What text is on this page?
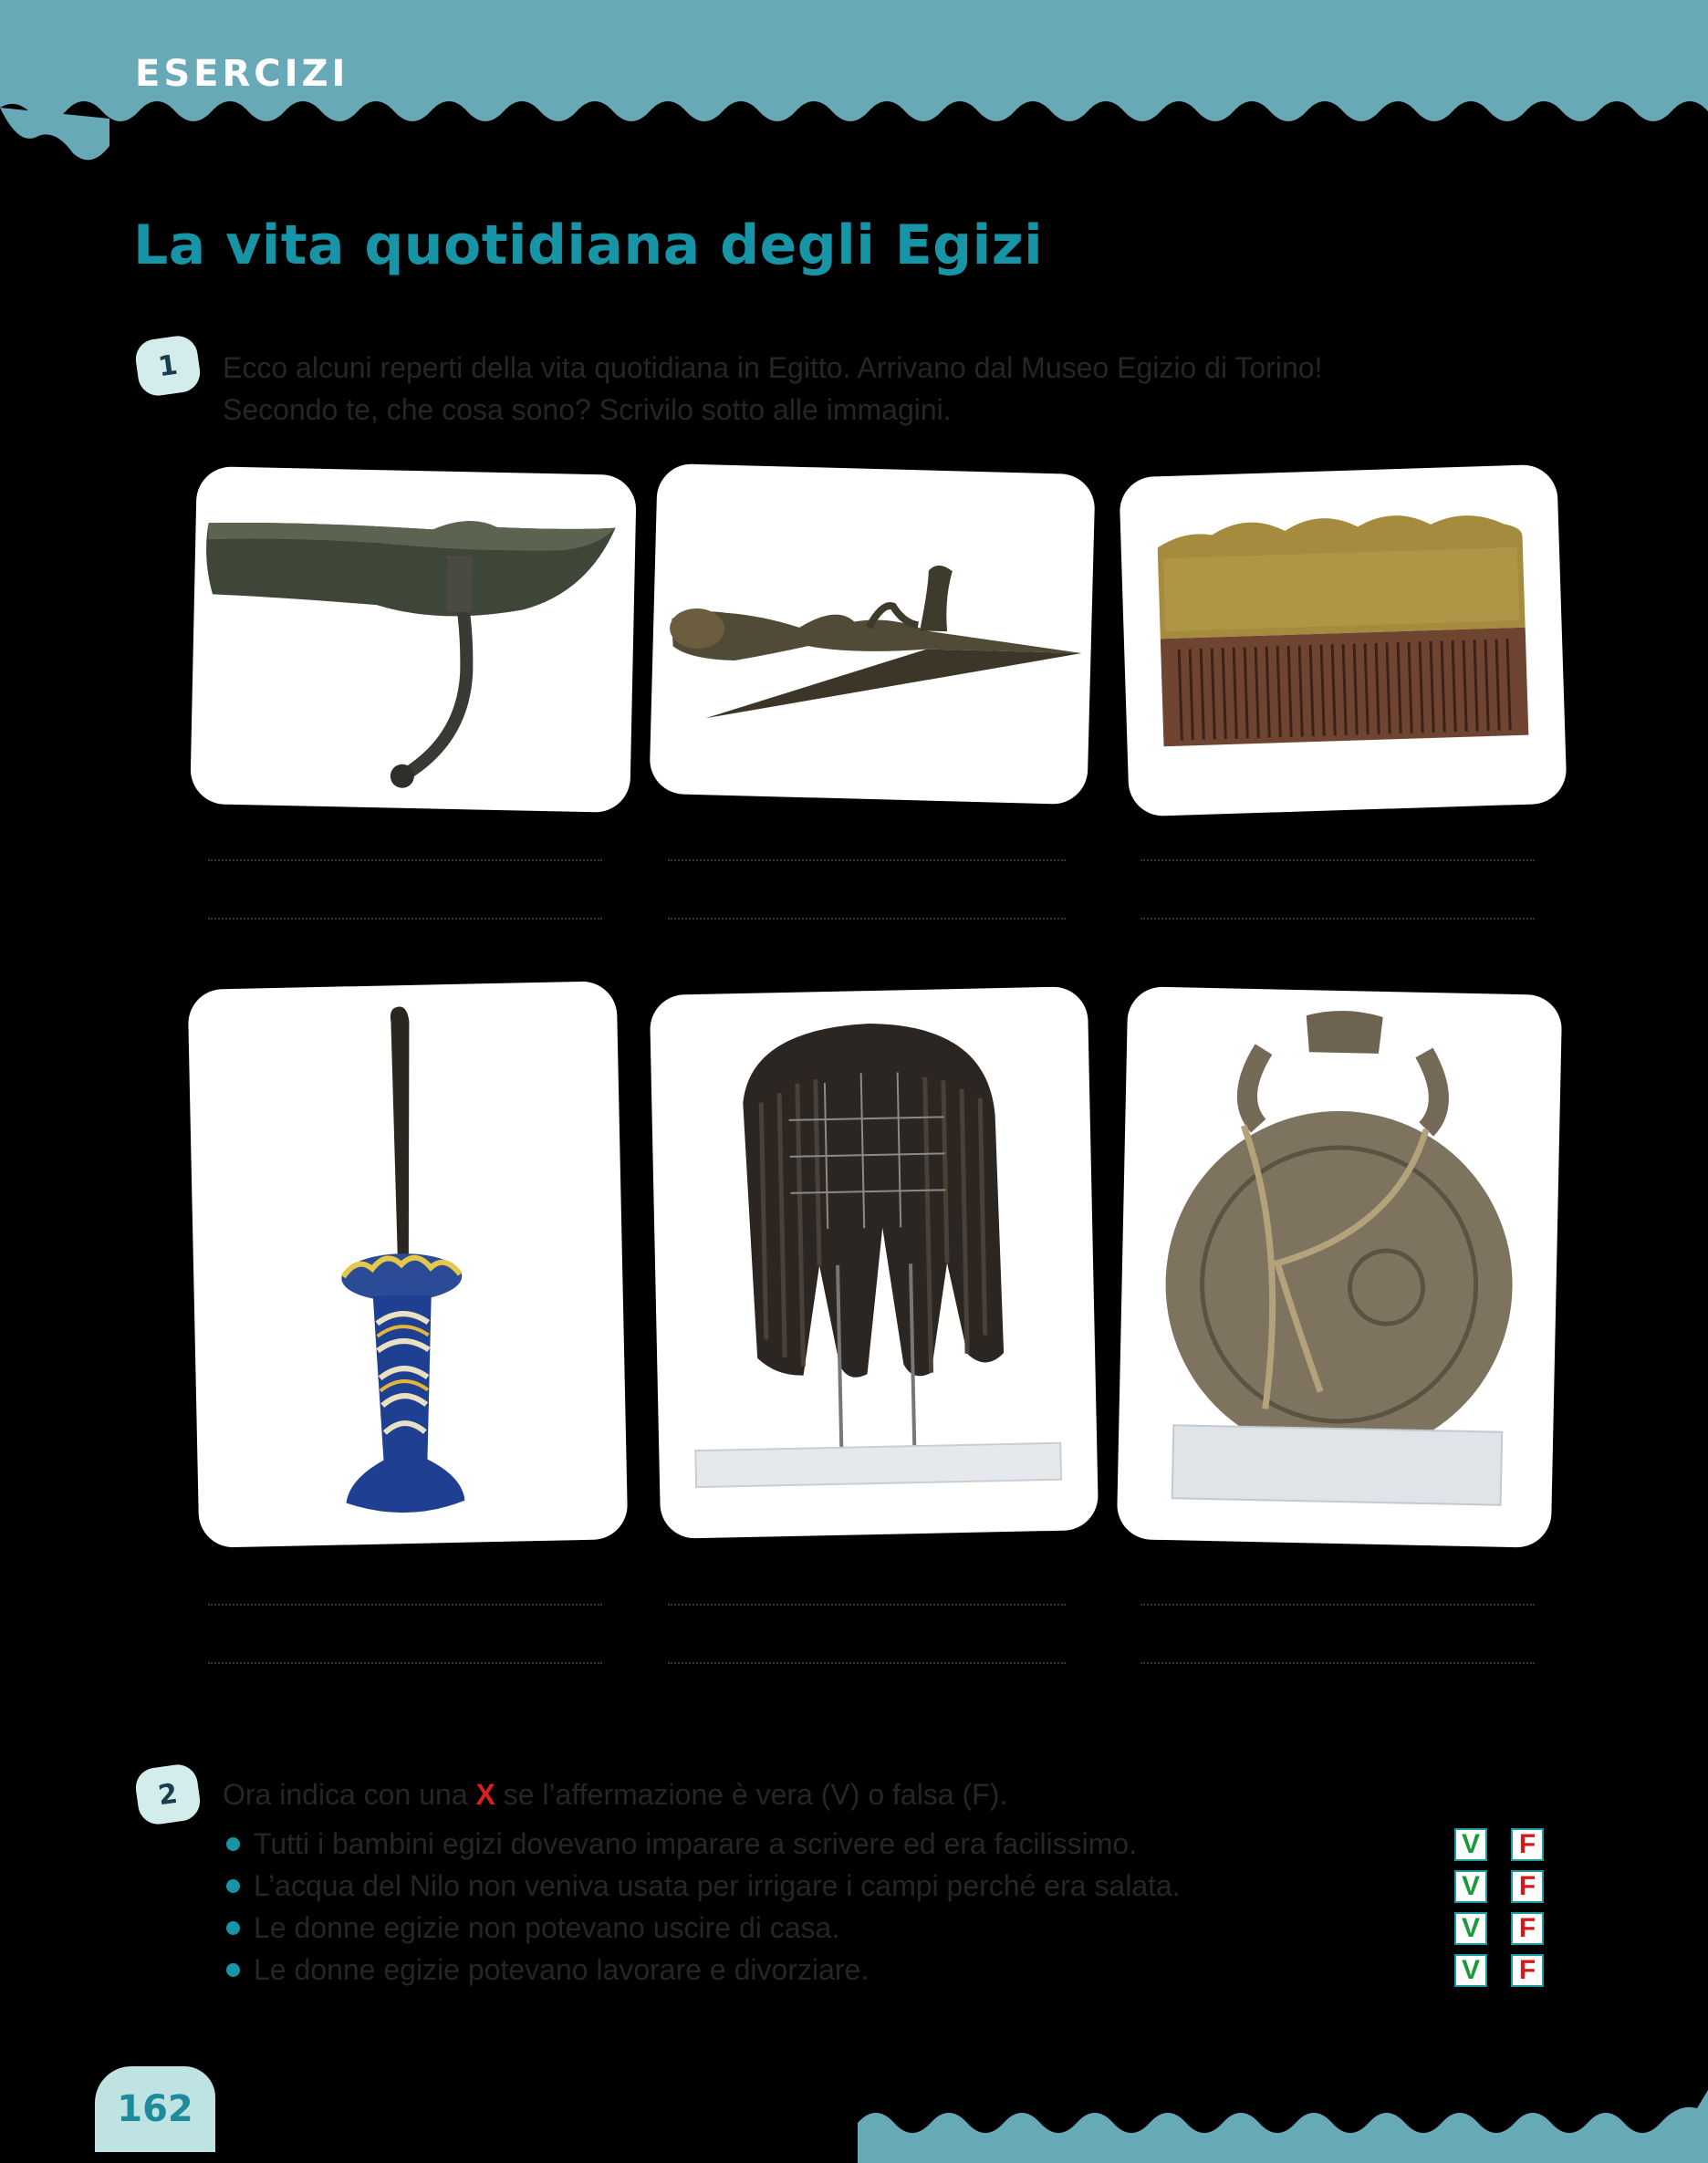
ESERCIZI
La vita quotidiana degli Egizi
1 Ecco alcuni reperti della vita quotidiana in Egitto. Arrivano dal Museo Egizio di Torino!

Secondo te, che cosa sono? Scrivilo sotto alle immagini.

2 Ora indica con una X se l’affermazione è vera (V) o falsa (F).

Tutti i bambini egizi dovevano imparare a scrivere ed era facilissimo.
L’acqua del Nilo non veniva usata per irrigare i campi perché era salata.
Le donne egizie non potevano uscire di casa.
Le donne egizie potevano lavorare e divorziare.
V F
V F
V F
V F
162
